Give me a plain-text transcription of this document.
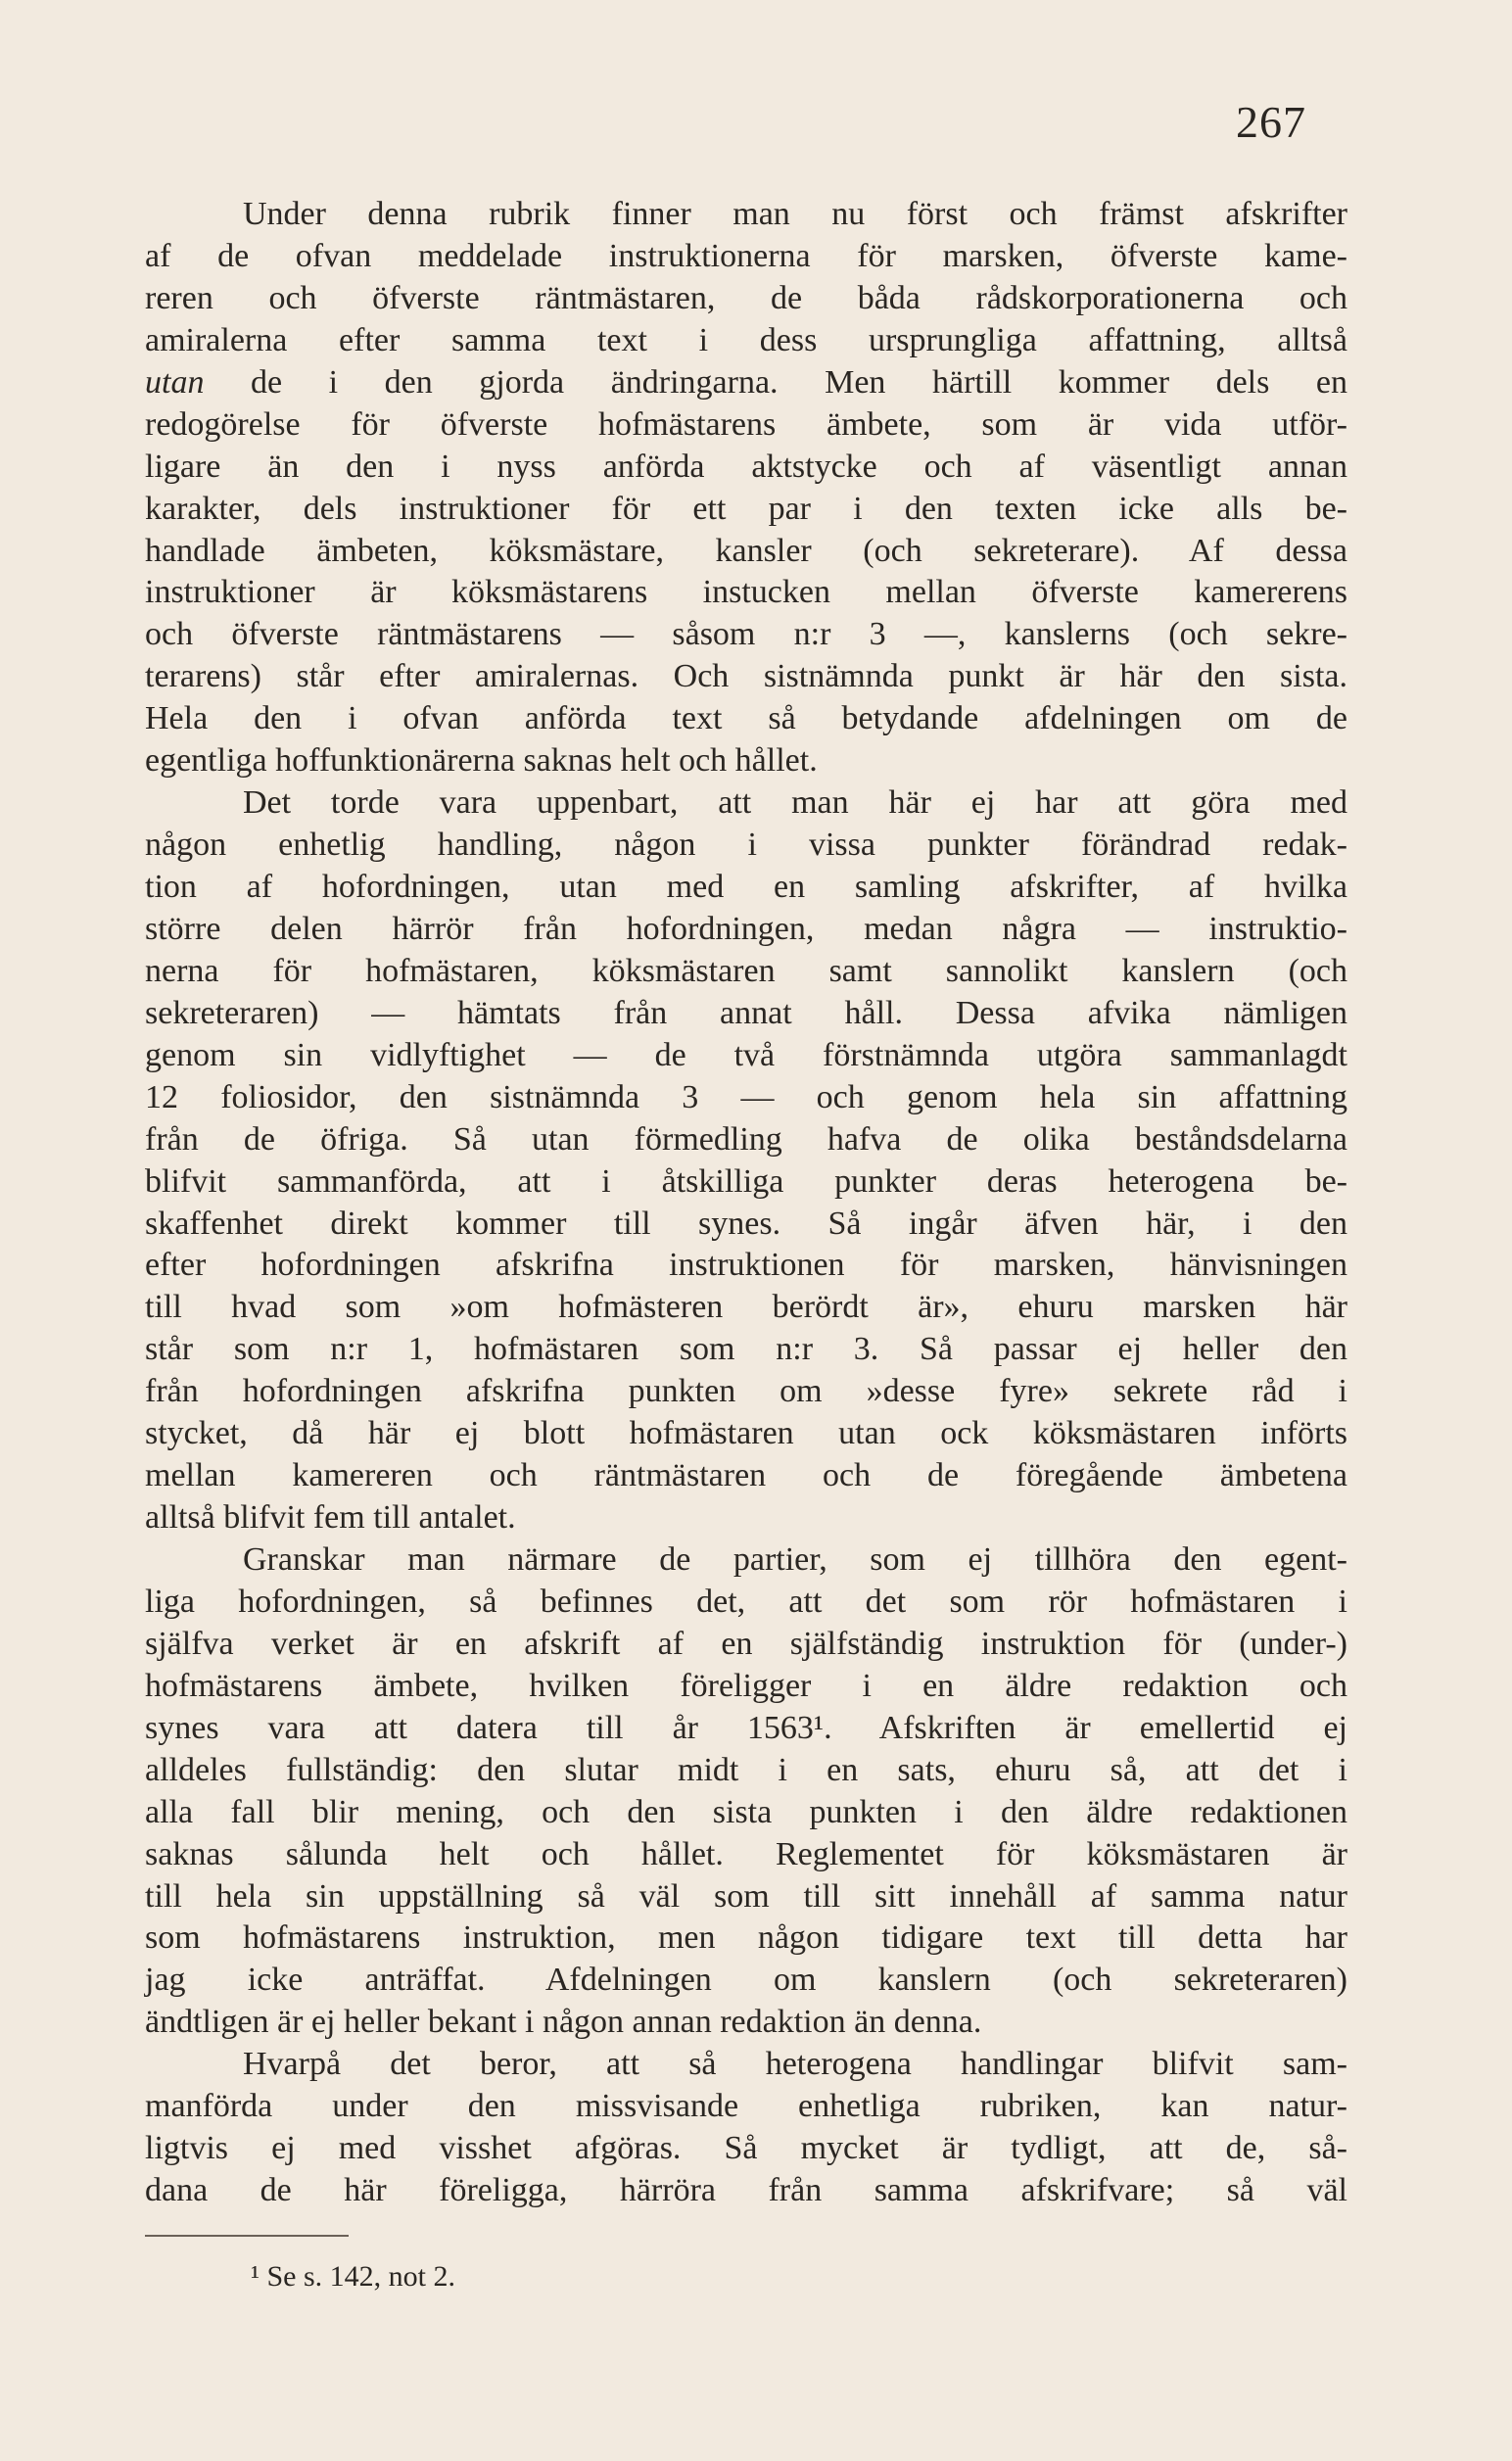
267
Under denna rubrik finner man nu först och främst afskrifter
af de ofvan meddelade instruktionerna för marsken, öfverste kame-
reren och öfverste räntmästaren, de båda rådskorporationerna och
amiralerna efter samma text i dess ursprungliga affattning, alltså
utan de i den gjorda ändringarna. Men härtill kommer dels en
redogörelse för öfverste hofmästarens ämbete, som är vida utför-
ligare än den i nyss anförda aktstycke och af väsentligt annan
karakter, dels instruktioner för ett par i den texten icke alls be-
handlade ämbeten, köksmästare, kansler (och sekreterare). Af dessa
instruktioner är köksmästarens instucken mellan öfverste kamererens
och öfverste räntmästarens — såsom n:r 3 —, kanslerns (och sekre-
terarens) står efter amiralernas. Och sistnämnda punkt är här den sista.
Hela den i ofvan anförda text så betydande afdelningen om de
egentliga hoffunktionärerna saknas helt och hållet.
Det torde vara uppenbart, att man här ej har att göra med
någon enhetlig handling, någon i vissa punkter förändrad redak-
tion af hofordningen, utan med en samling afskrifter, af hvilka
större delen härrör från hofordningen, medan några — instruktio-
nerna för hofmästaren, köksmästaren samt sannolikt kanslern (och
sekreteraren) — hämtats från annat håll. Dessa afvika nämligen
genom sin vidlyftighet — de två förstnämnda utgöra sammanlagdt
12 foliosidor, den sistnämnda 3 — och genom hela sin affattning
från de öfriga. Så utan förmedling hafva de olika beståndsdelarna
blifvit sammanförda, att i åtskilliga punkter deras heterogena be-
skaffenhet direkt kommer till synes. Så ingår äfven här, i den
efter hofordningen afskrifna instruktionen för marsken, hänvisningen
till hvad som »om hofmästeren berördt är», ehuru marsken här
står som n:r 1, hofmästaren som n:r 3. Så passar ej heller den
från hofordningen afskrifna punkten om »desse fyre» sekrete råd i
stycket, då här ej blott hofmästaren utan ock köksmästaren införts
mellan kamereren och räntmästaren och de föregående ämbetena
alltså blifvit fem till antalet.
Granskar man närmare de partier, som ej tillhöra den egent-
liga hofordningen, så befinnes det, att det som rör hofmästaren i
själfva verket är en afskrift af en själfständig instruktion för (under-)
hofmästarens ämbete, hvilken föreligger i en äldre redaktion och
synes vara att datera till år 1563¹. Afskriften är emellertid ej
alldeles fullständig: den slutar midt i en sats, ehuru så, att det i
alla fall blir mening, och den sista punkten i den äldre redaktionen
saknas sålunda helt och hållet. Reglementet för köksmästaren är
till hela sin uppställning så väl som till sitt innehåll af samma natur
som hofmästarens instruktion, men någon tidigare text till detta har
jag icke anträffat. Afdelningen om kanslern (och sekreteraren)
ändtligen är ej heller bekant i någon annan redaktion än denna.
Hvarpå det beror, att så heterogena handlingar blifvit sam-
manförda under den missvisande enhetliga rubriken, kan natur-
ligtvis ej med visshet afgöras. Så mycket är tydligt, att de, så-
dana de här föreligga, härröra från samma afskrifvare; så väl
¹ Se s. 142, not 2.
